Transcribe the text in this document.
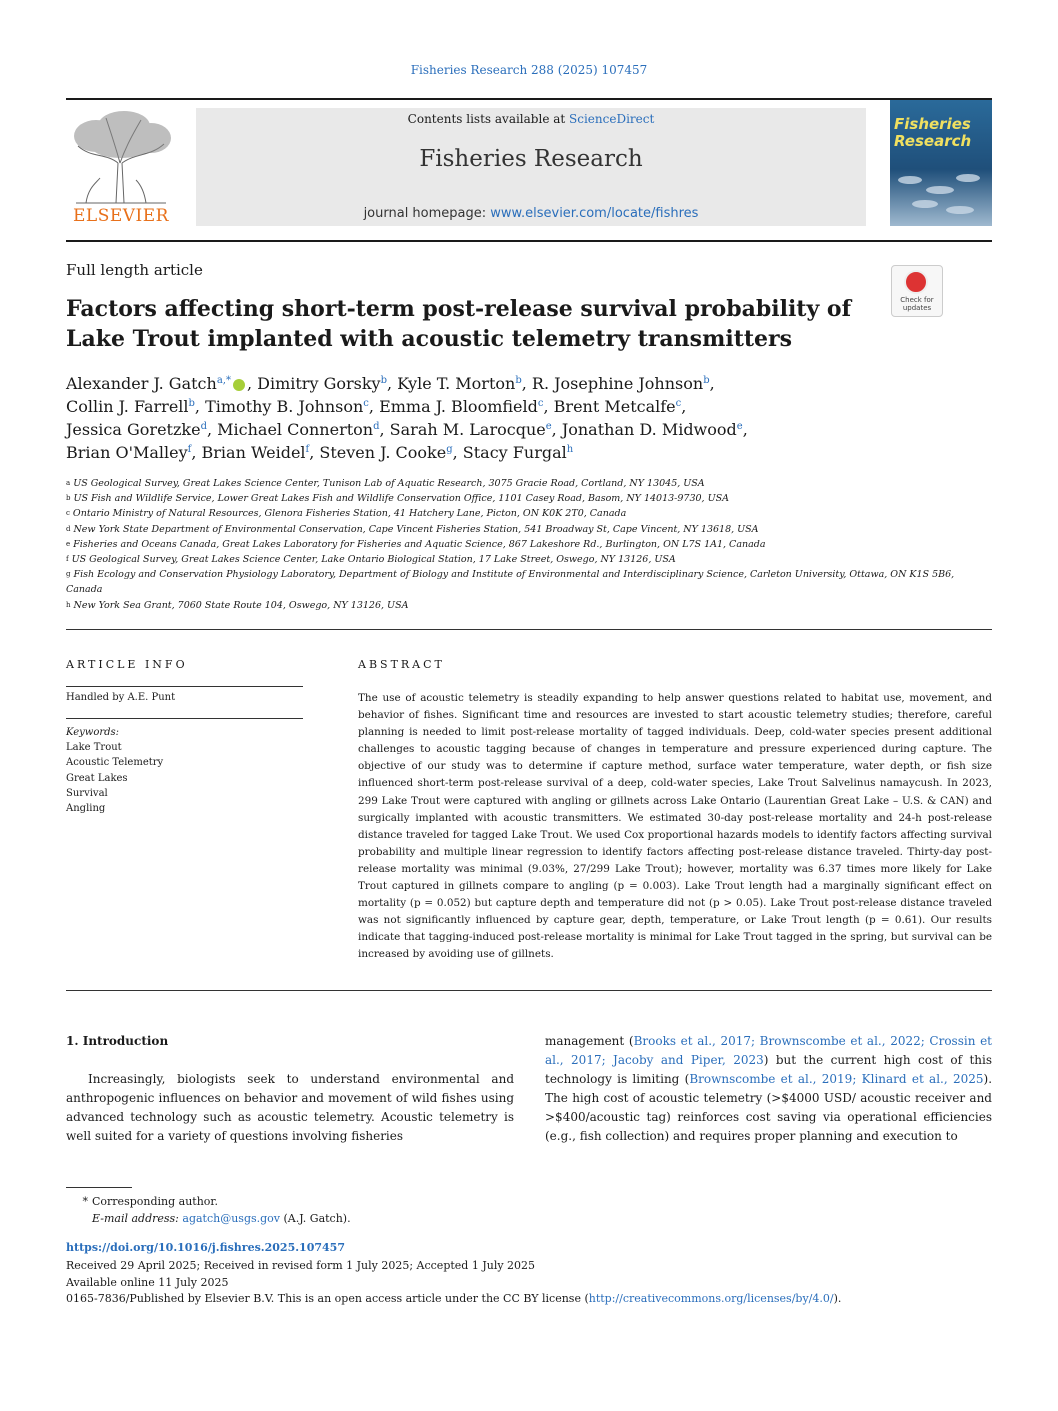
Fisheries Research 288 (2025) 107457
ELSEVIER
Contents lists available at ScienceDirect
Fisheries Research
journal homepage: www.elsevier.com/locate/fishres
Fisheries Research
Full length article
Factors affecting short-term post-release survival probability of Lake Trout implanted with acoustic telemetry transmitters
Check for updates
Alexander J. Gatch$^{a,*}$ , Dimitry Gorsky$^b$, Kyle T. Morton$^b$, R. Josephine Johnson$^b$,
Collin J. Farrell$^b$, Timothy B. Johnson$^c$, Emma J. Bloomfield$^c$, Brent Metcalfe$^c$,
Jessica Goretzke$^d$, Michael Connerton$^d$, Sarah M. Larocque$^e$, Jonathan D. Midwood$^e$,
Brian O'Malley$^f$, Brian Weidel$^f$, Steven J. Cooke$^g$, Stacy Furgal$^h$
$^a$ US Geological Survey, Great Lakes Science Center, Tunison Lab of Aquatic Research, 3075 Gracie Road, Cortland, NY 13045, USA
$^b$ US Fish and Wildlife Service, Lower Great Lakes Fish and Wildlife Conservation Office, 1101 Casey Road, Basom, NY 14013-9730, USA
$^c$ Ontario Ministry of Natural Resources, Glenora Fisheries Station, 41 Hatchery Lane, Picton, ON K0K 2T0, Canada
$^d$ New York State Department of Environmental Conservation, Cape Vincent Fisheries Station, 541 Broadway St, Cape Vincent, NY 13618, USA
$^e$ Fisheries and Oceans Canada, Great Lakes Laboratory for Fisheries and Aquatic Science, 867 Lakeshore Rd., Burlington, ON L7S 1A1, Canada
$^f$ US Geological Survey, Great Lakes Science Center, Lake Ontario Biological Station, 17 Lake Street, Oswego, NY 13126, USA
$^g$ Fish Ecology and Conservation Physiology Laboratory, Department of Biology and Institute of Environmental and Interdisciplinary Science, Carleton University, Ottawa, ON K1S 5B6, Canada
$^h$ New York Sea Grant, 7060 State Route 104, Oswego, NY 13126, USA
ARTICLE INFO
Handled by A.E. Punt
Keywords:
Lake Trout
Acoustic Telemetry
Great Lakes
Survival
Angling
ABSTRACT
The use of acoustic telemetry is steadily expanding to help answer questions related to habitat use, movement, and behavior of fishes. Significant time and resources are invested to start acoustic telemetry studies; therefore, careful planning is needed to limit post-release mortality of tagged individuals. Deep, cold-water species present additional challenges to acoustic tagging because of changes in temperature and pressure experienced during capture. The objective of our study was to determine if capture method, surface water temperature, water depth, or fish size influenced short-term post-release survival of a deep, cold-water species, Lake Trout Salvelinus namaycush. In 2023, 299 Lake Trout were captured with angling or gillnets across Lake Ontario (Laurentian Great Lake – U.S. & CAN) and surgically implanted with acoustic transmitters. We estimated 30-day post-release mortality and 24-h post-release distance traveled for tagged Lake Trout. We used Cox proportional hazards models to identify factors affecting survival probability and multiple linear regression to identify factors affecting post-release distance traveled. Thirty-day post-release mortality was minimal (9.03%, 27/299 Lake Trout); however, mortality was 6.37 times more likely for Lake Trout captured in gillnets compare to angling (p = 0.003). Lake Trout length had a marginally significant effect on mortality (p = 0.052) but capture depth and temperature did not (p > 0.05). Lake Trout post-release distance traveled was not significantly influenced by capture gear, depth, temperature, or Lake Trout length (p = 0.61). Our results indicate that tagging-induced post-release mortality is minimal for Lake Trout tagged in the spring, but survival can be increased by avoiding use of gillnets.
1. Introduction
Increasingly, biologists seek to understand environmental and anthropogenic influences on behavior and movement of wild fishes using advanced technology such as acoustic telemetry. Acoustic telemetry is well suited for a variety of questions involving fisheries
management (Brooks et al., 2017; Brownscombe et al., 2022; Crossin et al., 2017; Jacoby and Piper, 2023) but the current high cost of this technology is limiting (Brownscombe et al., 2019; Klinard et al., 2025). The high cost of acoustic telemetry (>$4000 USD/ acoustic receiver and >$400/acoustic tag) reinforces cost saving via operational efficiencies (e.g., fish collection) and requires proper planning and execution to
* Corresponding author.
E-mail address: agatch@usgs.gov (A.J. Gatch).
https://doi.org/10.1016/j.fishres.2025.107457
Received 29 April 2025; Received in revised form 1 July 2025; Accepted 1 July 2025
Available online 11 July 2025
0165-7836/Published by Elsevier B.V. This is an open access article under the CC BY license (http://creativecommons.org/licenses/by/4.0/).
